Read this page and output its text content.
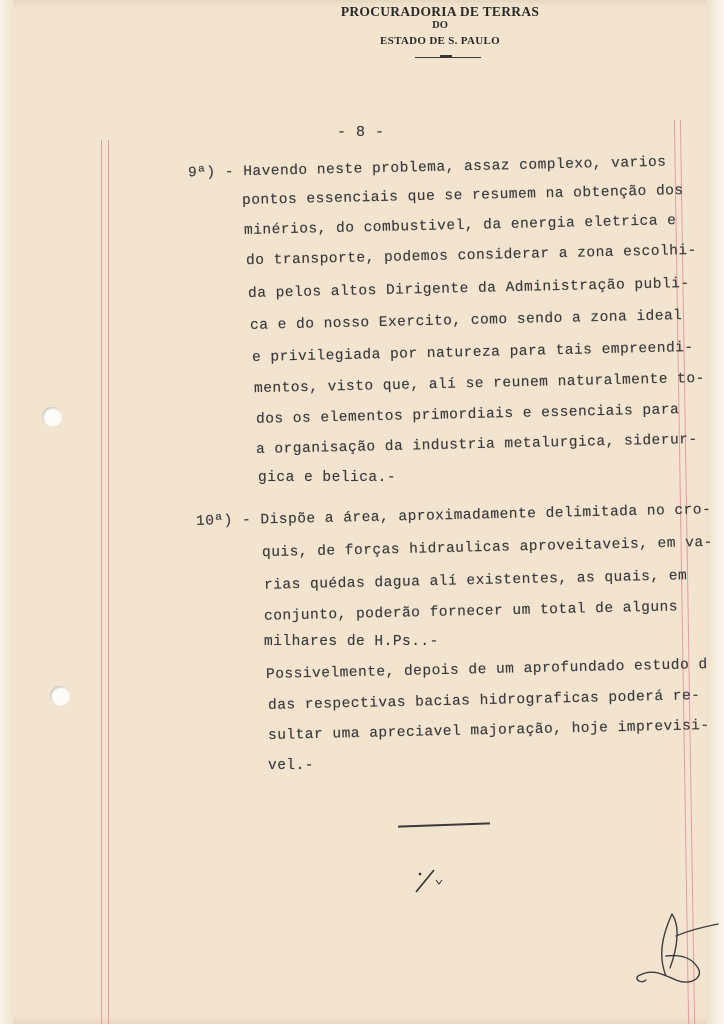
PROCURADORIA DE TERRAS
DO
ESTADO DE S. PAULO
- 8 -
9ª) - Havendo neste problema, assaz complexo, varios
pontos essenciais que se resumem na obtenção dos
minérios, do combustivel, da energia eletrica e
do transporte, podemos considerar a zona escolhi-
da pelos altos Dirigente da Administração publi-
ca e do nosso Exercito, como sendo a zona ideal
e privilegiada por natureza para tais empreendi-
mentos, visto que, alí se reunem naturalmente to-
dos os elementos primordiais e essenciais para
a organisação da industria metalurgica, siderur-
gica e belica.-
10ª) - Dispõe a área, aproximadamente delimitada no cro-
quis, de forças hidraulicas aproveitaveis, em va-
rias quédas dagua alí existentes, as quais, em
conjunto, poderão fornecer um total de alguns
milhares de H.Ps..-
Possivelmente, depois de um aprofundado estudo d
das respectivas bacias hidrograficas poderá re-
sultar uma apreciavel majoração, hoje imprevisi-
vel.-
